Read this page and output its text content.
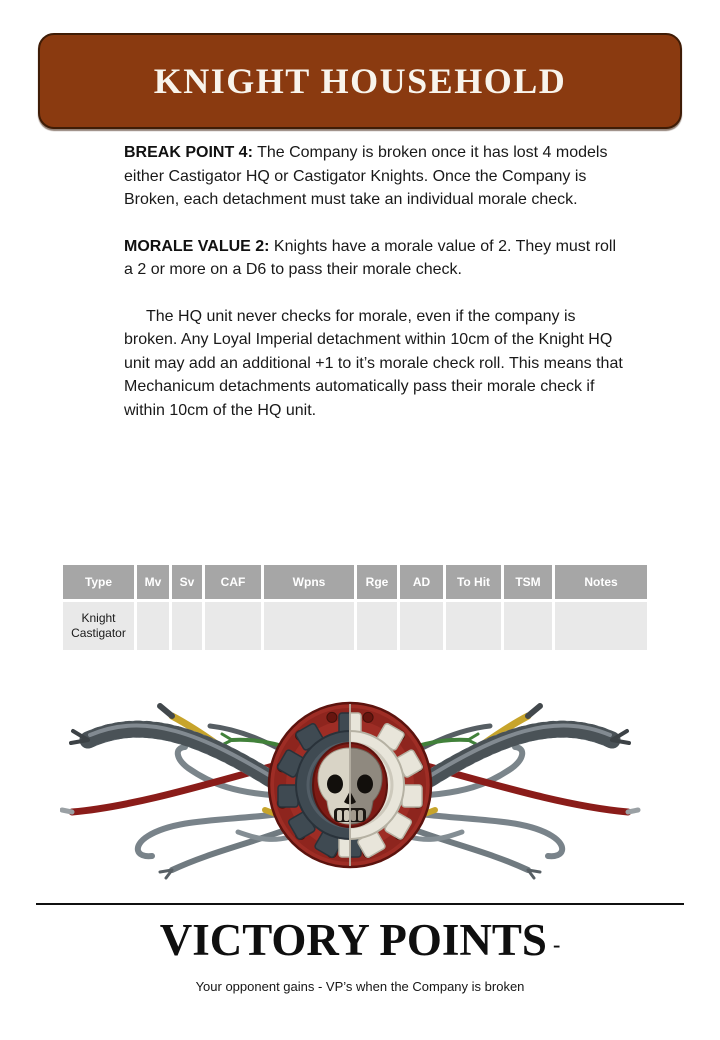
KNIGHT HOUSEHOLD

BREAK POINT 4: The Company is broken once it has lost 4 models either Castigator HQ or Castigator Knights. Once the Company is Broken, each detachment must take an individual morale check.

MORALE VALUE 2: Knights have a morale value of 2. They must roll a 2 or more on a D6 to pass their morale check.

The HQ unit never checks for morale, even if the company is broken. Any Loyal Imperial detachment within 10cm of the Knight HQ unit may add an additional +1 to it’s morale check roll. This means that Mechanicum detachments automatically pass their morale check if within 10cm of the HQ unit.

Type	Mv	Sv	CAF	Wpns	Rge	AD	To Hit	TSM	Notes
Knight Castigator									
VICTORY POINTS -
Your opponent gains - VP’s when the Company is broken
